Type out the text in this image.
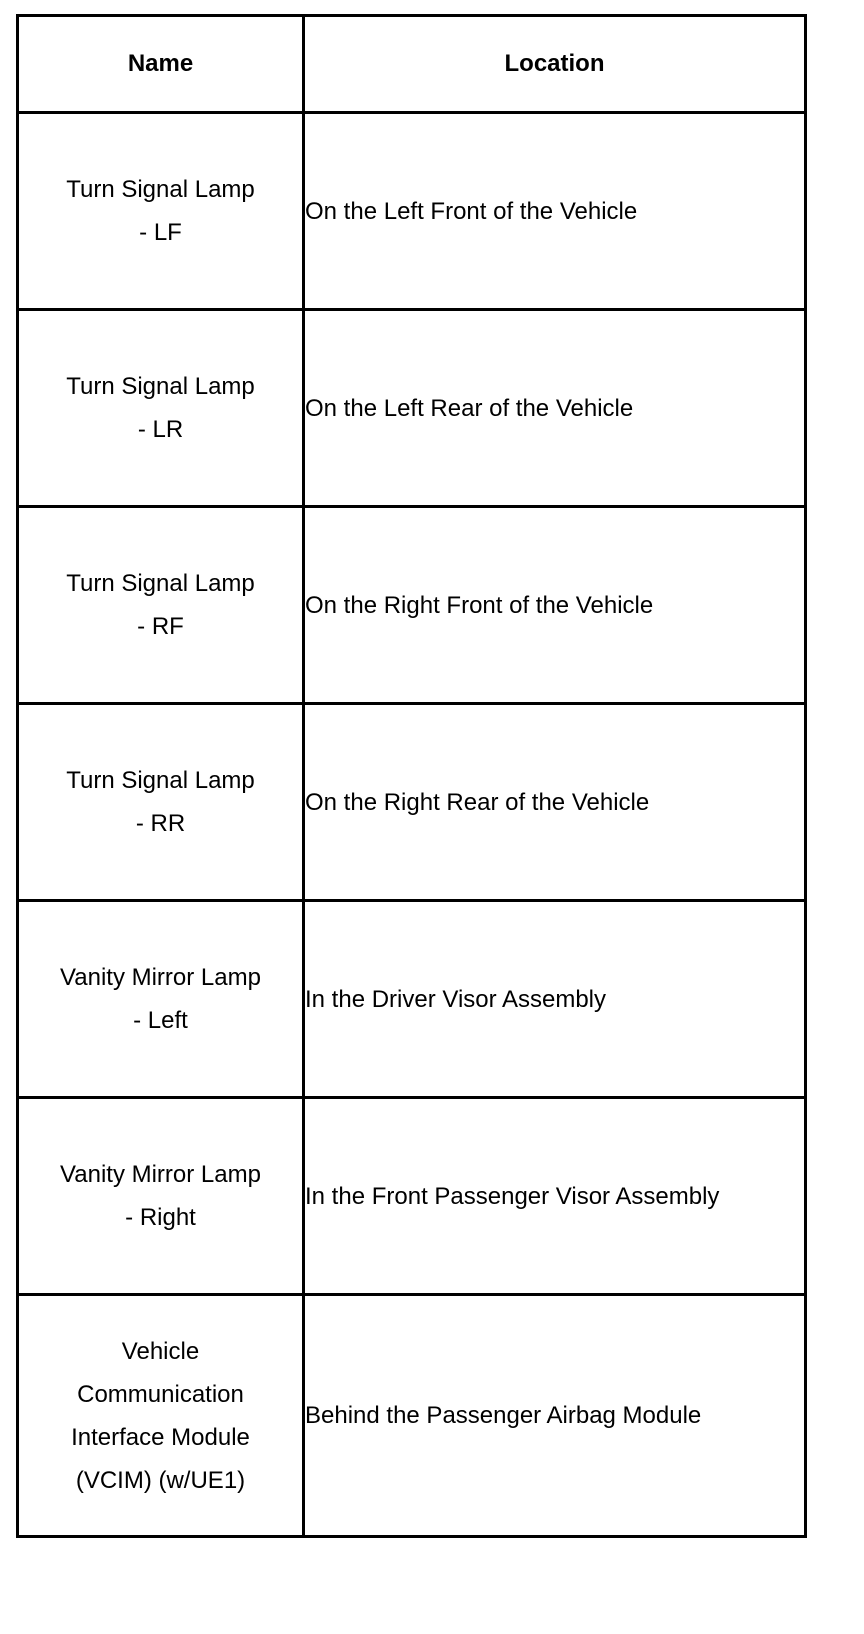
Name	Location
Turn Signal Lamp
- LF	On the Left Front of the Vehicle
Turn Signal Lamp
- LR	On the Left Rear of the Vehicle
Turn Signal Lamp
- RF	On the Right Front of the Vehicle
Turn Signal Lamp
- RR	On the Right Rear of the Vehicle
Vanity Mirror Lamp
- Left	In the Driver Visor Assembly
Vanity Mirror Lamp
- Right	In the Front Passenger Visor Assembly
Vehicle
Communication
Interface Module
(VCIM) (w/UE1)	Behind the Passenger Airbag Module
